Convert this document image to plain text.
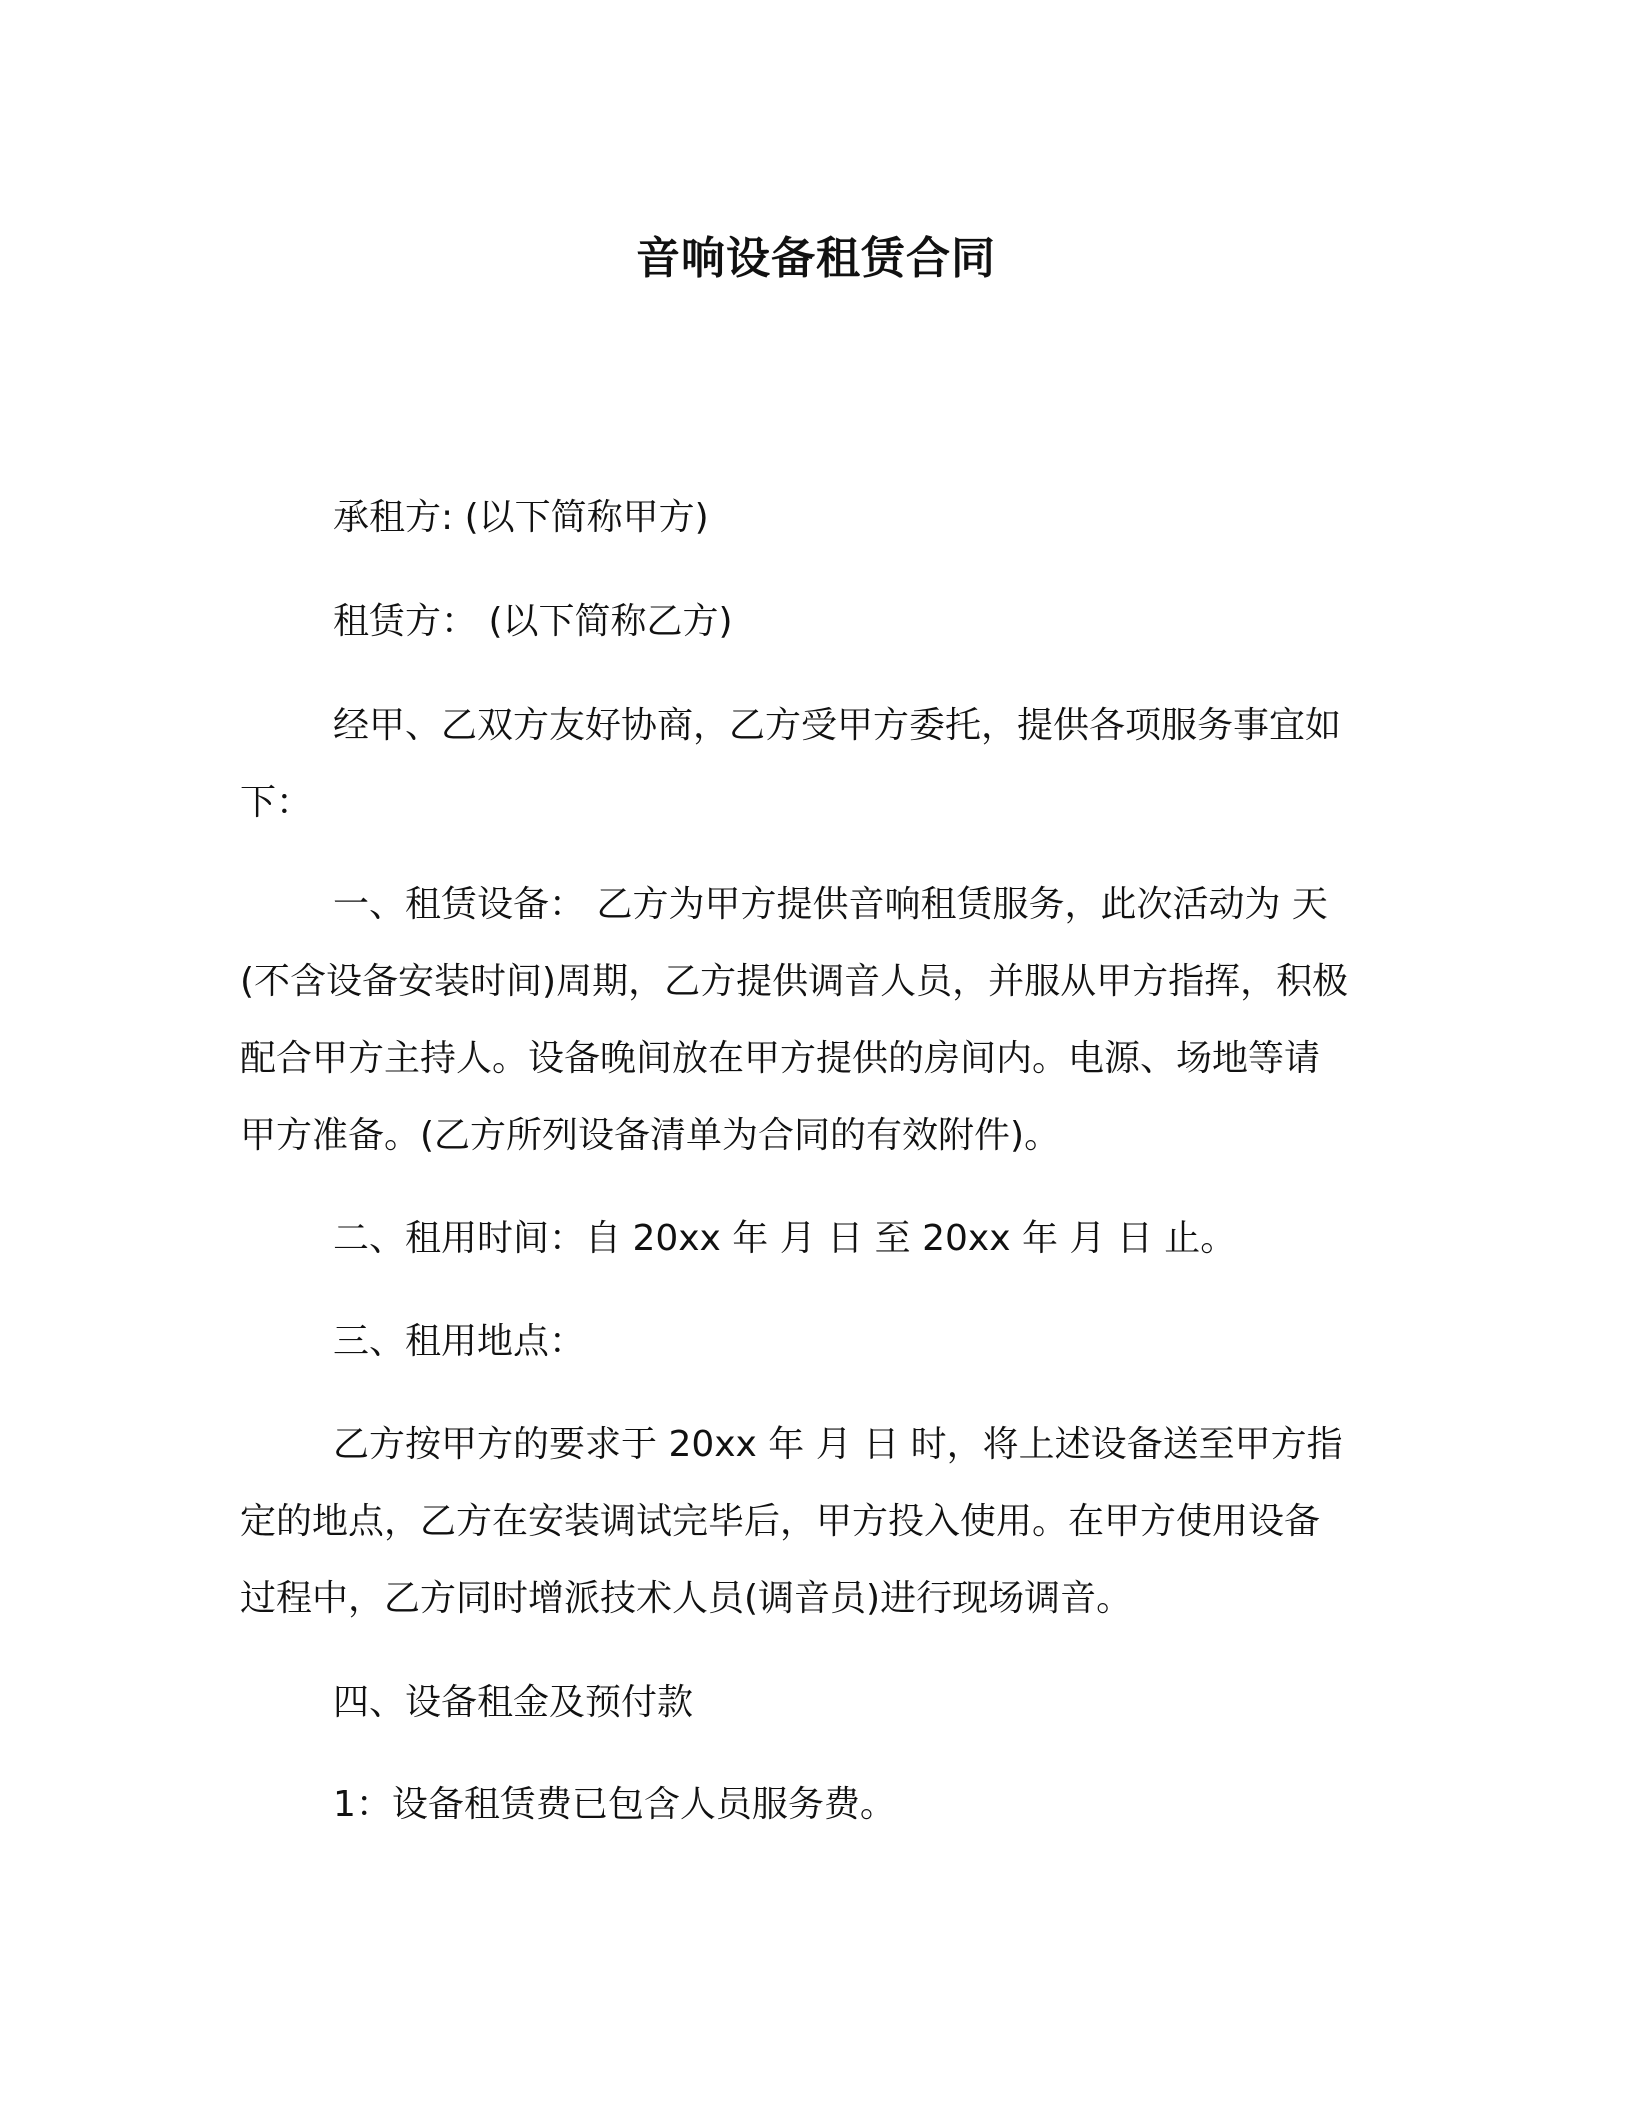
音响设备租赁合同

承租方: (以下简称甲方)

租赁方： (以下简称乙方)

经甲、乙双方友好协商，乙方受甲方委托，提供各项服务事宜如

下：

一、租赁设备： 乙方为甲方提供音响租赁服务，此次活动为 天

(不含设备安装时间)周期，乙方提供调音人员，并服从甲方指挥，积极

配合甲方主持人。设备晚间放在甲方提供的房间内。电源、场地等请

甲方准备。(乙方所列设备清单为合同的有效附件)。

二、租用时间：自 20xx 年 月 日 至 20xx 年 月 日 止。

三、租用地点：

乙方按甲方的要求于 20xx 年 月 日 时，将上述设备送至甲方指

定的地点，乙方在安装调试完毕后，甲方投入使用。在甲方使用设备

过程中，乙方同时增派技术人员(调音员)进行现场调音。

四、设备租金及预付款

1：设备租赁费已包含人员服务费。
